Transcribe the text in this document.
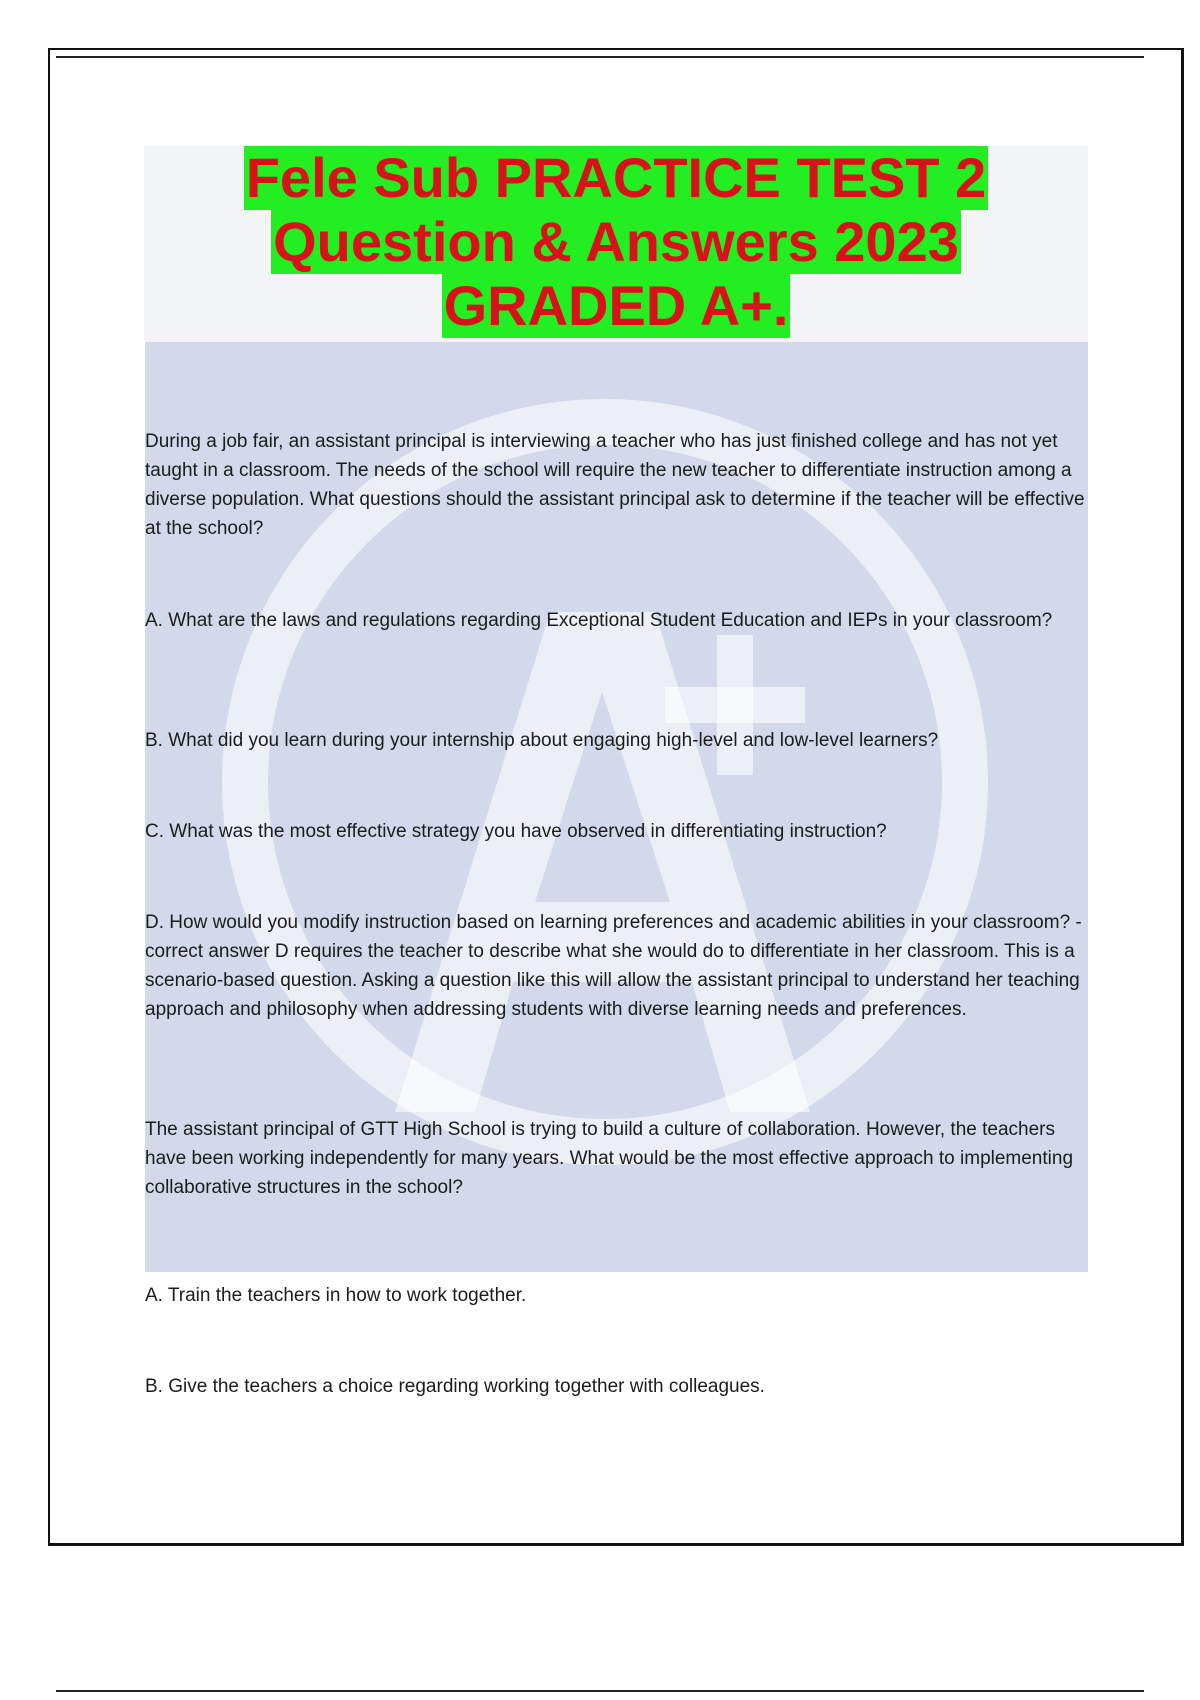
Fele Sub PRACTICE TEST 2
Question & Answers 2023
GRADED A+.

During a job fair, an assistant principal is interviewing a teacher who has just finished college and has not yet taught in a classroom. The needs of the school will require the new teacher to differentiate instruction among a diverse population. What questions should the assistant principal ask to determine if the teacher will be effective at the school?

A. What are the laws and regulations regarding Exceptional Student Education and IEPs in your classroom?

B. What did you learn during your internship about engaging high-level and low-level learners?

C. What was the most effective strategy you have observed in differentiating instruction?

D. How would you modify instruction based on learning preferences and academic abilities in your classroom? - correct answer D requires the teacher to describe what she would do to differentiate in her classroom. This is a scenario-based question. Asking a question like this will allow the assistant principal to understand her teaching approach and philosophy when addressing students with diverse learning needs and preferences.

The assistant principal of GTT High School is trying to build a culture of collaboration. However, the teachers have been working independently for many years. What would be the most effective approach to implementing collaborative structures in the school?

A. Train the teachers in how to work together.

B. Give the teachers a choice regarding working together with colleagues.
